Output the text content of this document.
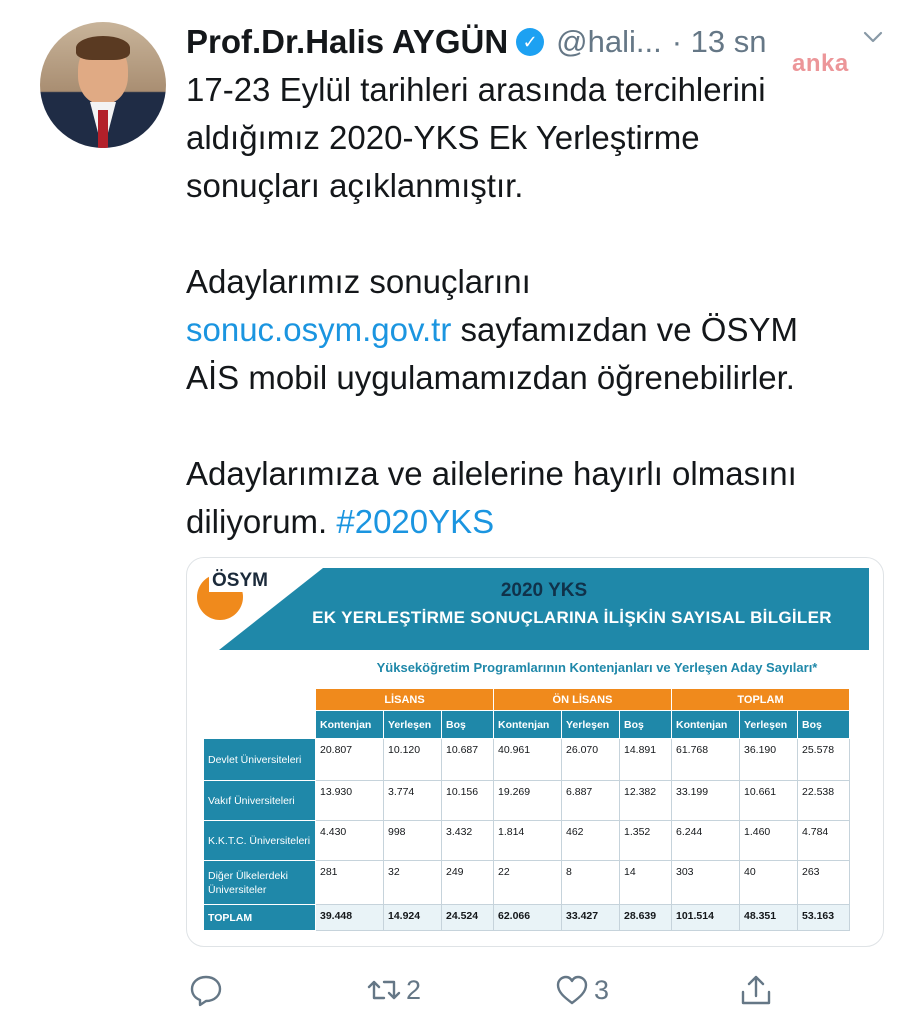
Prof.Dr.Halis AYGÜN ✓ @hali... · 13 sn
anka

17-23 Eylül tarihleri arasında tercihlerini

aldığımız 2020-YKS Ek Yerleştirme

sonuçları açıklanmıştır.

Adaylarımız sonuçlarını

sonuc.osym.gov.tr sayfamızdan ve ÖSYM

AİS mobil uygulamamızdan öğrenebilirler.

Adaylarımıza ve ailelerine hayırlı olmasını

diliyorum. #2020YKS

ÖSYM	2020 YKS
EK YERLEŞTİRME SONUÇLARINA İLİŞKİN SAYISAL BİLGİLER
Yükseköğretim Programlarının Kontenjanları ve Yerleşen Aday Sayıları*
	LİSANS			ÖN LİSANS			TOPLAM		
	Kontenjan	Yerleşen	Boş	Kontenjan	Yerleşen	Boş	Kontenjan	Yerleşen	Boş
Devlet Üniversiteleri	20.807	10.120	10.687	40.961	26.070	14.891	61.768	36.190	25.578
Vakıf Üniversiteleri	13.930	3.774	10.156	19.269	6.887	12.382	33.199	10.661	22.538
K.K.T.C. Üniversiteleri	4.430	998	3.432	1.814	462	1.352	6.244	1.460	4.784
Diğer Ülkelerdeki Üniversiteler	281	32	249	22	8	14	303	40	263
TOPLAM	39.448	14.924	24.524	62.066	33.427	28.639	101.514	48.351	53.163
2	3
